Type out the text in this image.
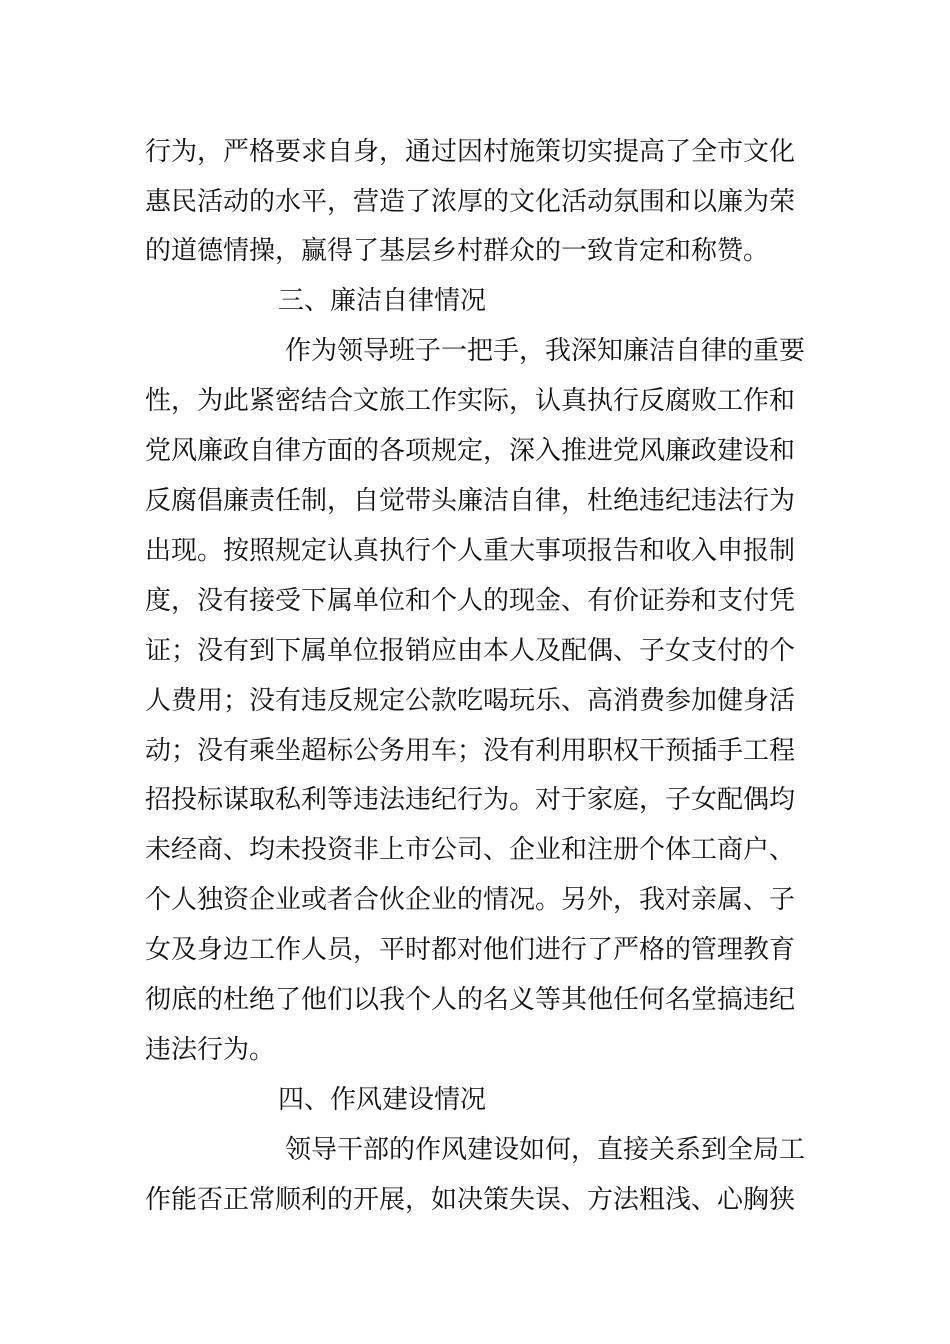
行为，严格要求自身，通过因村施策切实提高了全市文化
惠民活动的水平，营造了浓厚的文化活动氛围和以廉为荣
的道德情操，赢得了基层乡村群众的一致肯定和称赞。
三、廉洁自律情况
作为领导班子一把手，我深知廉洁自律的重要
性，为此紧密结合文旅工作实际，认真执行反腐败工作和
党风廉政自律方面的各项规定，深入推进党风廉政建设和
反腐倡廉责任制，自觉带头廉洁自律，杜绝违纪违法行为
出现。按照规定认真执行个人重大事项报告和收入申报制
度，没有接受下属单位和个人的现金、有价证券和支付凭
证；没有到下属单位报销应由本人及配偶、子女支付的个
人费用；没有违反规定公款吃喝玩乐、高消费参加健身活
动；没有乘坐超标公务用车；没有利用职权干预插手工程
招投标谋取私利等违法违纪行为。对于家庭，子女配偶均
未经商、均未投资非上市公司、企业和注册个体工商户、
个人独资企业或者合伙企业的情况。另外，我对亲属、子
女及身边工作人员，平时都对他们进行了严格的管理教育
彻底的杜绝了他们以我个人的名义等其他任何名堂搞违纪
违法行为。
四、作风建设情况
领导干部的作风建设如何，直接关系到全局工
作能否正常顺利的开展，如决策失误、方法粗浅、心胸狭
